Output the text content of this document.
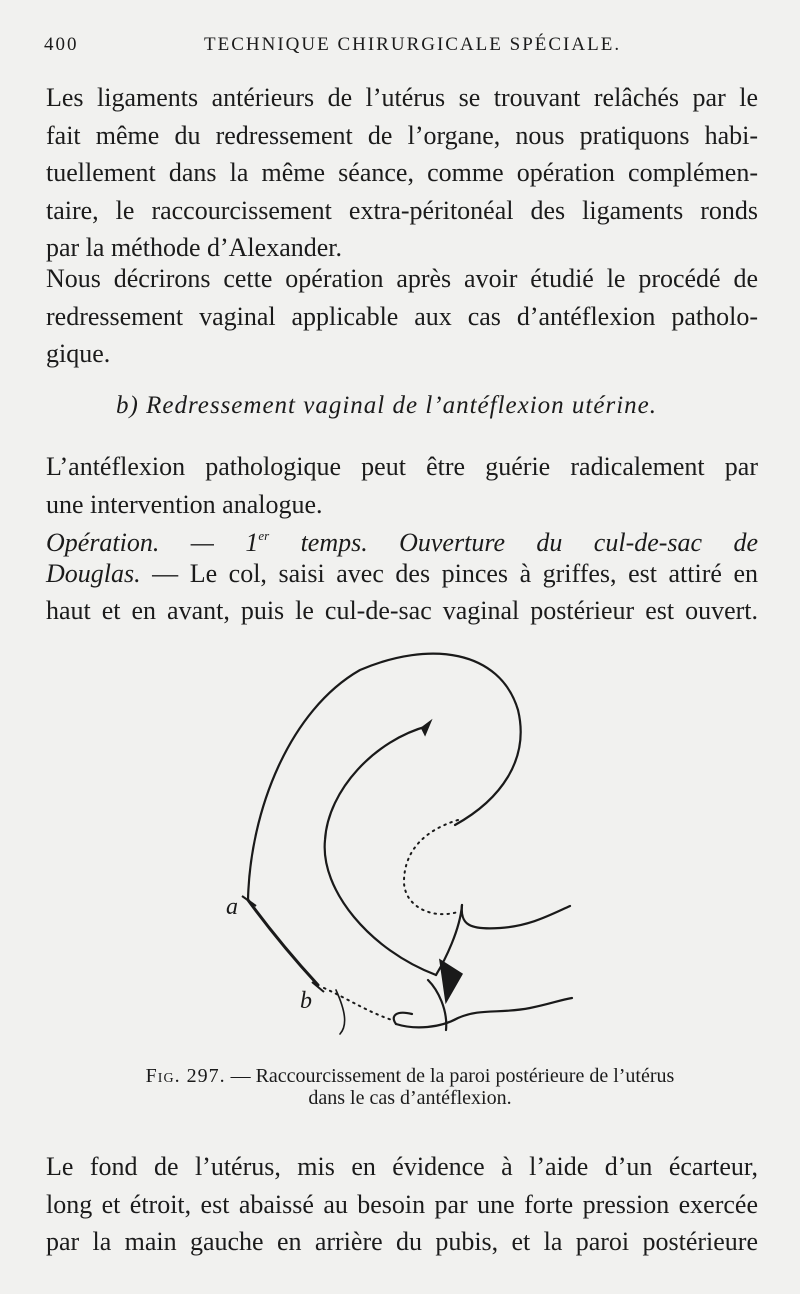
400	TECHNIQUE CHIRURGICALE SPÉCIALE.
Les ligaments antérieurs de l’utérus se trouvant relâchés par le
fait même du redressement de l’organe, nous pratiquons habi-
tuellement dans la même séance, comme opération complémen-
taire, le raccourcissement extra-péritonéal des ligaments ronds
par la méthode d’Alexander.
Nous décrirons cette opération après avoir étudié le procédé de
redressement vaginal applicable aux cas d’antéflexion patholo-
gique.
b) Redressement vaginal de l’antéflexion utérine.
L’antéflexion pathologique peut être guérie radicalement par
une intervention analogue.
Opération. — 1er temps. Ouverture du cul-de-sac de
Douglas. — Le col, saisi avec des pinces à griffes, est attiré en
haut et en avant, puis le cul-de-sac vaginal postérieur est ouvert.
a
b
Fig. 297. — Raccourcissement de la paroi postérieure de l’utérus
dans le cas d’antéflexion.
Le fond de l’utérus, mis en évidence à l’aide d’un écarteur,
long et étroit, est abaissé au besoin par une forte pression exercée
par la main gauche en arrière du pubis, et la paroi postérieure
